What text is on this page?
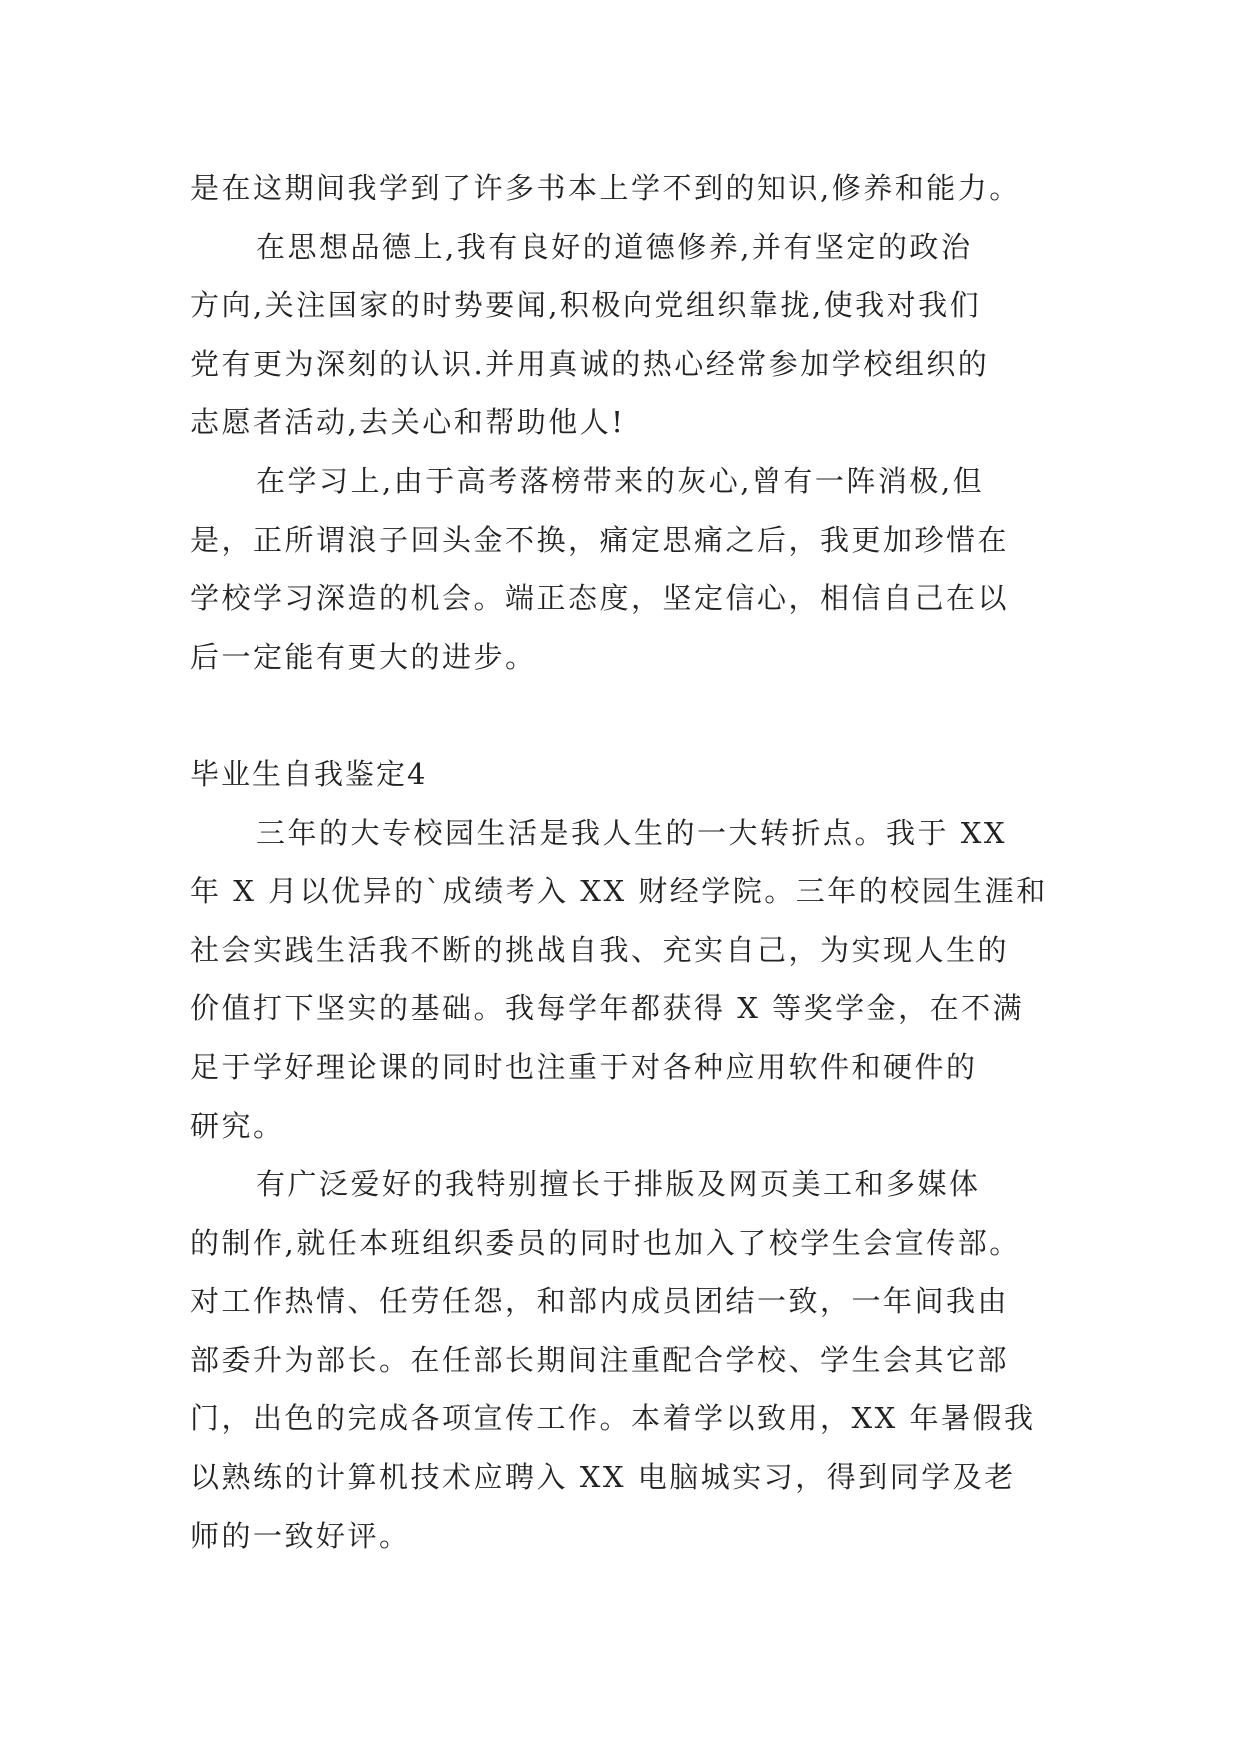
是在这期间我学到了许多书本上学不到的知识,修养和能力。
在思想品德上,我有良好的道德修养,并有坚定的政治
方向,关注国家的时势要闻,积极向党组织靠拢,使我对我们
党有更为深刻的认识.并用真诚的热心经常参加学校组织的
志愿者活动,去关心和帮助他人!
在学习上,由于高考落榜带来的灰心,曾有一阵消极,但
是，正所谓浪子回头金不换，痛定思痛之后，我更加珍惜在
学校学习深造的机会。端正态度，坚定信心，相信自己在以
后一定能有更大的进步。
毕业生自我鉴定4
三年的大专校园生活是我人生的一大转折点。我于 XX
年 X 月以优异的`成绩考入 XX 财经学院。三年的校园生涯和
社会实践生活我不断的挑战自我、充实自己，为实现人生的
价值打下坚实的基础。我每学年都获得 X 等奖学金，在不满
足于学好理论课的同时也注重于对各种应用软件和硬件的
研究。
有广泛爱好的我特别擅长于排版及网页美工和多媒体
的制作,就任本班组织委员的同时也加入了校学生会宣传部。
对工作热情、任劳任怨，和部内成员团结一致，一年间我由
部委升为部长。在任部长期间注重配合学校、学生会其它部
门，出色的完成各项宣传工作。本着学以致用，XX 年暑假我
以熟练的计算机技术应聘入 XX 电脑城实习，得到同学及老
师的一致好评。
